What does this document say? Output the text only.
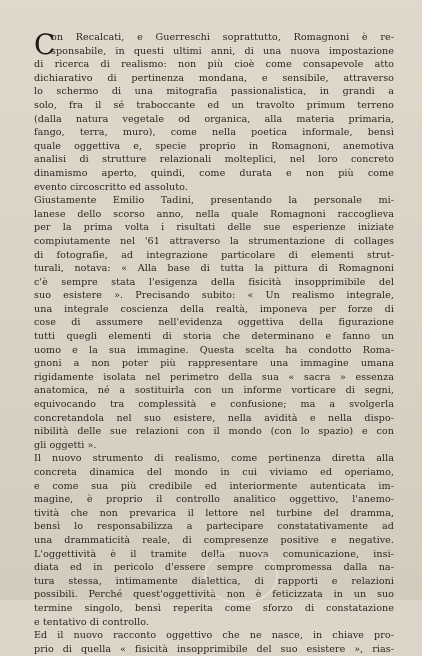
C
on Recalcati, e Guerreschi soprattutto, Romagnoni è re-
sponsabile, in questi ultimi anni, di una nuova impostazione
di ricerca di realismo: non più cioè come consapevole atto
dichiarativo di pertinenza mondana, e sensibile, attraverso
lo schermo di una mitografia passionalistica, in grandi a
solo, fra il sé traboccante ed un travolto primum terreno
(dalla natura vegetale od organica, alla materia primaria,
fango, terra, muro), come nella poetica informale, bensì
quale oggettiva e, specie proprio in Romagnoni, anemotiva
analisi di strutture relazionali molteplici, nel loro concreto
dinamismo aperto, quindi, come durata e non più come
evento circoscritto ed assoluto.
Giustamente Emilio Tadini, presentando la personale mi-
lanese dello scorso anno, nella quale Romagnoni raccoglieva
per la prima volta i risultati delle sue esperienze iniziate
compiutamente nel '61 attraverso la strumentazione di collages
di fotografie, ad integrazione particolare di elementi strut-
turali, notava: « Alla base di tutta la pittura di Romagnoni
c'è sempre stata l'esigenza della fisicità insopprimibile del
suo esistere ». Precisando subito: « Un realismo integrale,
una integrale coscienza della realtà, imponeva per forze di
cose di assumere nell'evidenza oggettiva della figurazione
tutti quegli elementi di storia che determinano e fanno un
uomo e la sua immagine. Questa scelta ha condotto Roma-
gnoni a non poter più rappresentare una immagine umana
rigidamente isolata nel perimetro della sua « sacra » essenza
anatomica, né a sostituirla con un informe vorticare di segni,
equivocando tra complessità e confusione; ma a svolgerla
concretandola nel suo esistere, nella avidità e nella dispo-
nibilità delle sue relazioni con il mondo (con lo spazio) e con
gli oggetti ».
Il nuovo strumento di realismo, come pertinenza diretta alla
concreta dinamica del mondo in cui viviamo ed operiamo,
e come sua più credibile ed interiormente autenticata im-
magine, è proprio il controllo analitico oggettivo, l'anemo-
tività che non prevarica il lettore nel turbine del dramma,
bensì lo responsabilizza a partecipare constatativamente ad
una drammaticità reale, di compresenze positive e negative.
L'oggettività è il tramite della nuova comunicazione, insi-
diata ed in pericolo d'essere sempre compromessa dalla na-
tura stessa, intimamente dialettica, di rapporti e relazioni
possibili. Perché quest'oggettività non è feticizzata in un suo
termine singolo, bensì reperita come sforzo di constatazione
e tentativo di controllo.
Ed il nuovo racconto oggettivo che ne nasce, in chiave pro-
prio di quella « fisicità insopprimibile del suo esistere », rias-
